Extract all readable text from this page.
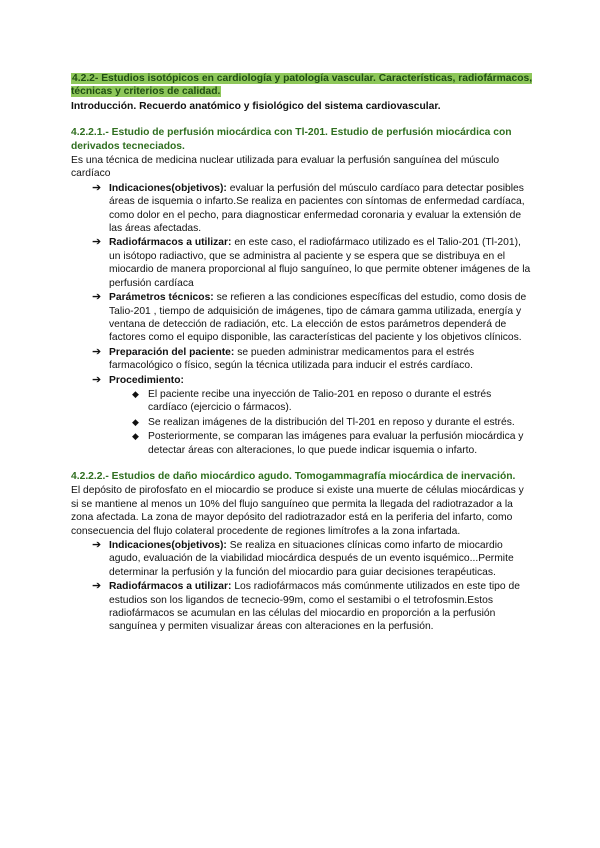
4.2.2- Estudios isotópicos en cardiología y patología vascular. Características, radiofármacos, técnicas y criterios de calidad.
Introducción. Recuerdo anatómico y fisiológico del sistema cardiovascular.
4.2.2.1.- Estudio de perfusión miocárdica con Tl-201. Estudio de perfusión miocárdica con derivados tecneciados.
Es una técnica de medicina nuclear utilizada para evaluar la perfusión sanguínea del músculo cardíaco
➔ Indicaciones(objetivos): evaluar la perfusión del músculo cardíaco para detectar posibles áreas de isquemia o infarto.Se realiza en pacientes con síntomas de enfermedad cardíaca, como dolor en el pecho, para diagnosticar enfermedad coronaria y evaluar la extensión de las áreas afectadas.
➔ Radiofármacos a utilizar: en este caso, el radiofármaco utilizado es el Talio-201 (Tl-201), un isótopo radiactivo, que se administra al paciente y se espera que se distribuya en el miocardio de manera proporcional al flujo sanguíneo, lo que permite obtener imágenes de la perfusión cardíaca
➔ Parámetros técnicos: se refieren a las condiciones específicas del estudio, como dosis de Talio-201 , tiempo de adquisición de imágenes, tipo de cámara gamma utilizada, energía y ventana de detección de radiación, etc. La elección de estos parámetros dependerá de factores como el equipo disponible, las características del paciente y los objetivos clínicos.
➔ Preparación del paciente: se pueden administrar medicamentos para el estrés farmacológico o físico, según la técnica utilizada para inducir el estrés cardíaco.
➔ Procedimiento:
◆ El paciente recibe una inyección de Talio-201 en reposo o durante el estrés cardíaco (ejercicio o fármacos).
◆ Se realizan imágenes de la distribución del Tl-201 en reposo y durante el estrés.
◆ Posteriormente, se comparan las imágenes para evaluar la perfusión miocárdica y detectar áreas con alteraciones, lo que puede indicar isquemia o infarto.
4.2.2.2.- Estudios de daño miocárdico agudo. Tomogammagrafía miocárdica de inervación.
El depósito de pirofosfato en el miocardio se produce si existe una muerte de células miocárdicas y si se mantiene al menos un 10% del flujo sanguíneo que permita la llegada del radiotrazador a la zona afectada. La zona de mayor depósito del radiotrazador está en la periferia del infarto, como consecuencia del flujo colateral procedente de regiones limítrofes a la zona infartada.
➔ Indicaciones(objetivos): Se realiza en situaciones clínicas como infarto de miocardio agudo, evaluación de la viabilidad miocárdica después de un evento isquémico...Permite determinar la perfusión y la función del miocardio para guiar decisiones terapéuticas.
➔ Radiofármacos a utilizar: Los radiofármacos más comúnmente utilizados en este tipo de estudios son los ligandos de tecnecio-99m, como el sestamibi o el tetrofosmin.Estos radiofármacos se acumulan en las células del miocardio en proporción a la perfusión sanguínea y permiten visualizar áreas con alteraciones en la perfusión.
